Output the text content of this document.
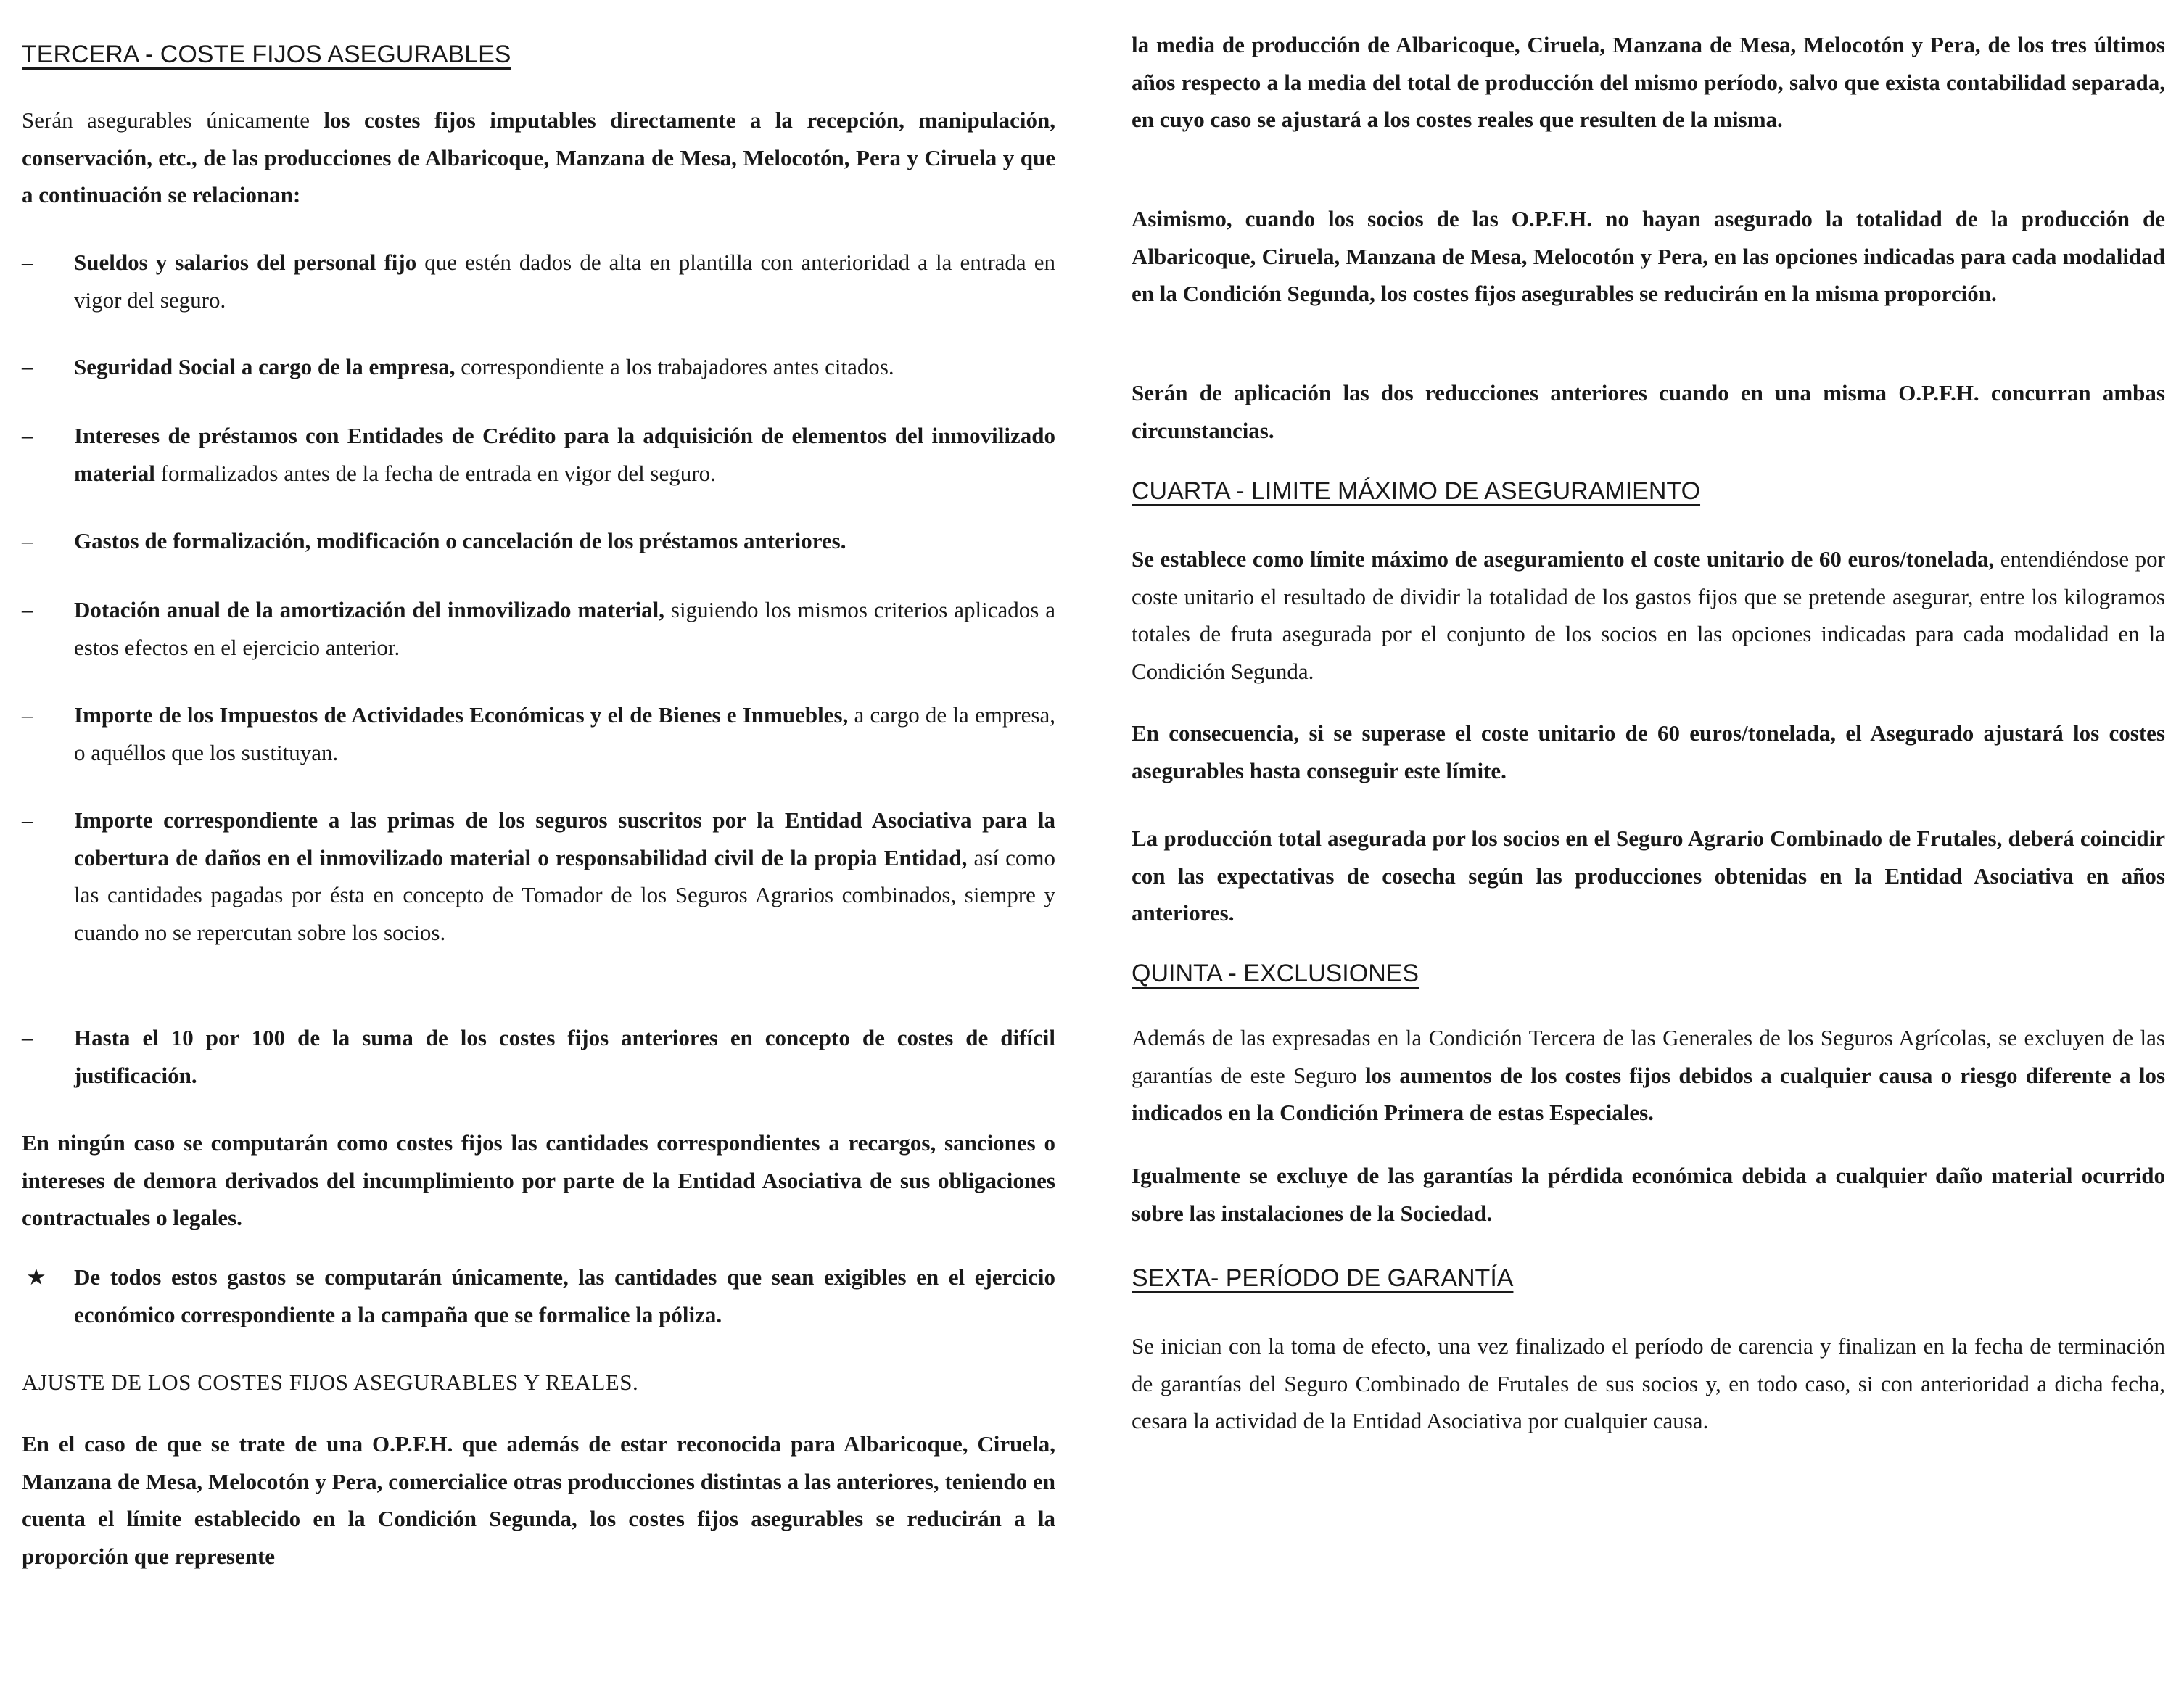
TERCERA - COSTE FIJOS ASEGURABLES
Serán asegurables únicamente los costes fijos imputables directamente a la recepción, manipulación, conservación, etc., de las producciones de Albaricoque, Manzana de Mesa, Melocotón, Pera y Ciruela y que a continuación se relacionan:
–	Sueldos y salarios del personal fijo que estén dados de alta en plantilla con anterioridad a la entrada en vigor del seguro.
–	Seguridad Social a cargo de la empresa, correspondiente a los trabajadores antes citados.
–	Intereses de préstamos con Entidades de Crédito para la adquisición de elementos del inmovilizado material formalizados antes de la fecha de entrada en vigor del seguro.
–	Gastos de formalización, modificación o cancelación de los préstamos anteriores.
–	Dotación anual de la amortización del inmovilizado material, siguiendo los mismos criterios aplicados a estos efectos en el ejercicio anterior.
–	Importe de los Impuestos de Actividades Económicas y el de Bienes e Inmuebles, a cargo de la empresa, o aquéllos que los sustituyan.
–	Importe correspondiente a las primas de los seguros suscritos por la Entidad Asociativa para la cobertura de daños en el inmovilizado material o responsabilidad civil de la propia Entidad, así como las cantidades pagadas por ésta en concepto de Tomador de los Seguros Agrarios combinados, siempre y cuando no se repercutan sobre los socios.
–	Hasta el 10 por 100 de la suma de los costes fijos anteriores en concepto de costes de difícil justificación.
En ningún caso se computarán como costes fijos las cantidades correspondientes a recargos, sanciones o intereses de demora derivados del incumplimiento por parte de la Entidad Asociativa de sus obligaciones contractuales o legales.
★	De todos estos gastos se computarán únicamente, las cantidades que sean exigibles en el ejercicio económico correspondiente a la campaña que se formalice la póliza.
AJUSTE DE LOS COSTES FIJOS ASEGURABLES Y REALES.
En el caso de que se trate de una O.P.F.H. que además de estar reconocida para Albaricoque, Ciruela, Manzana de Mesa, Melocotón y Pera, comercialice otras producciones distintas a las anteriores, teniendo en cuenta el límite establecido en la Condición Segunda, los costes fijos asegurables se reducirán a la proporción que represente
la media de producción de Albaricoque, Ciruela, Manzana de Mesa, Melocotón y Pera, de los tres últimos años respecto a la media del total de producción del mismo período, salvo que exista contabilidad separada, en cuyo caso se ajustará a los costes reales que resulten de la misma.
Asimismo, cuando los socios de las O.P.F.H. no hayan asegurado la totalidad de la producción de Albaricoque, Ciruela, Manzana de Mesa, Melocotón y Pera, en las opciones indicadas para cada modalidad en la Condición Segunda, los costes fijos asegurables se reducirán en la misma proporción.
Serán de aplicación las dos reducciones anteriores cuando en una misma O.P.F.H. concurran ambas circunstancias.
CUARTA - LIMITE MÁXIMO DE ASEGURAMIENTO
Se establece como límite máximo de aseguramiento el coste unitario de 60 euros/tonelada, entendiéndose por coste unitario el resultado de dividir la totalidad de los gastos fijos que se pretende asegurar, entre los kilogramos totales de fruta asegurada por el conjunto de los socios en las opciones indicadas para cada modalidad en la Condición Segunda.
En consecuencia, si se superase el coste unitario de 60 euros/tonelada, el Asegurado ajustará los costes asegurables hasta conseguir este límite.
La producción total asegurada por los socios en el Seguro Agrario Combinado de Frutales, deberá coincidir con las expectativas de cosecha según las producciones obtenidas en la Entidad Asociativa en años anteriores.
QUINTA - EXCLUSIONES
Además de las expresadas en la Condición Tercera de las Generales de los Seguros Agrícolas, se excluyen de las garantías de este Seguro los aumentos de los costes fijos debidos a cualquier causa o riesgo diferente a los indicados en la Condición Primera de estas Especiales.
Igualmente se excluye de las garantías la pérdida económica debida a cualquier daño material ocurrido sobre las instalaciones de la Sociedad.
SEXTA- PERÍODO DE GARANTÍA
Se inician con la toma de efecto, una vez finalizado el período de carencia y finalizan en la fecha de terminación de garantías del Seguro Combinado de Frutales de sus socios y, en todo caso, si con anterioridad a dicha fecha, cesara la actividad de la Entidad Asociativa por cualquier causa.
